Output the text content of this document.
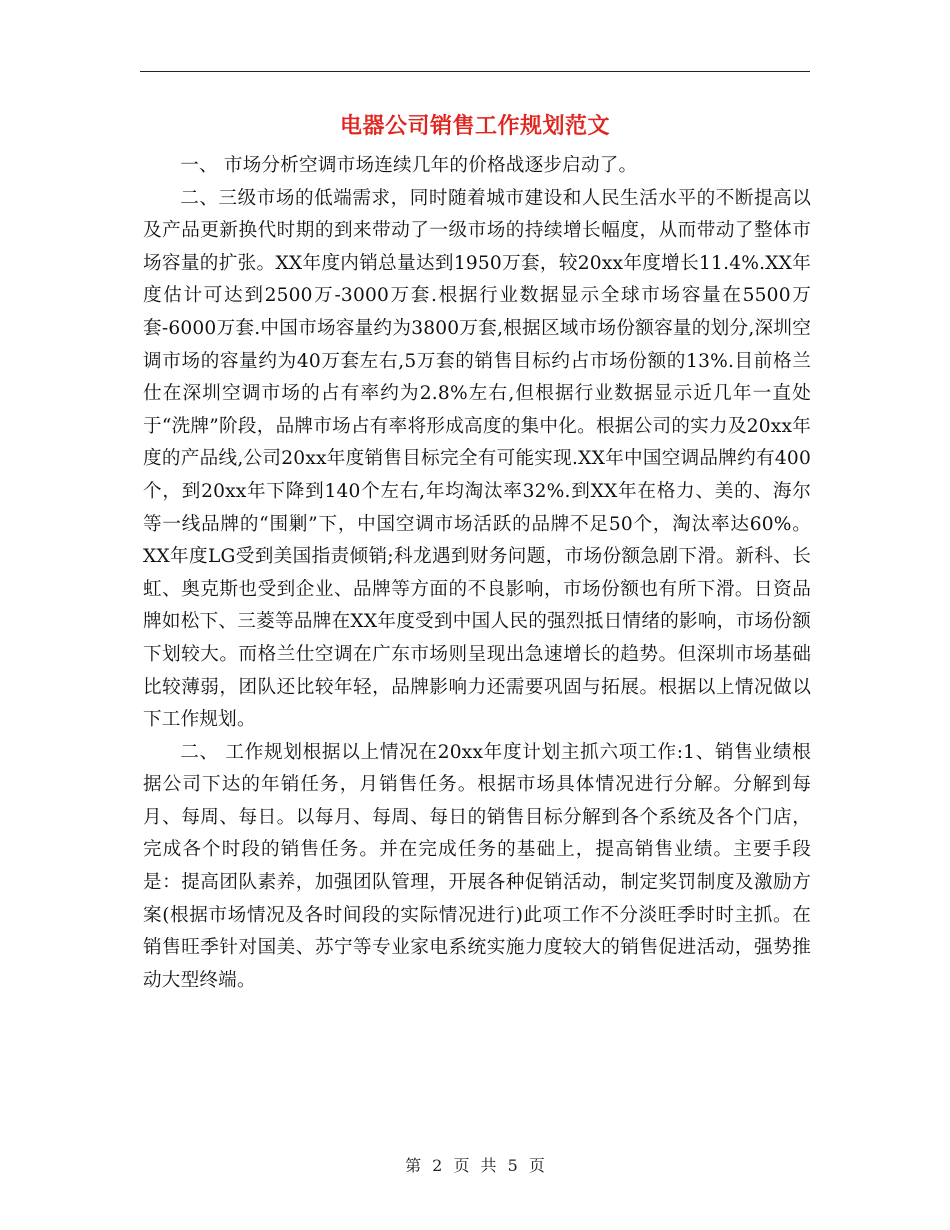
电器公司销售工作规划范文

一、 市场分析空调市场连续几年的价格战逐步启动了。

二、三级市场的低端需求，同时随着城市建设和人民生活水平的不断提高以及产品更新换代时期的到来带动了一级市场的持续增长幅度，从而带动了整体市场容量的扩张。XX年度内销总量达到1950万套，较20xx年度增长11.4%.XX年度估计可达到2500万-3000万套.根据行业数据显示全球市场容量在5500万套-6000万套.中国市场容量约为3800万套,根据区域市场份额容量的划分,深圳空调市场的容量约为40万套左右,5万套的销售目标约占市场份额的13%.目前格兰仕在深圳空调市场的占有率约为2.8%左右,但根据行业数据显示近几年一直处于“洗牌”阶段，品牌市场占有率将形成高度的集中化。根据公司的实力及20xx年度的产品线,公司20xx年度销售目标完全有可能实现.XX年中国空调品牌约有400个，到20xx年下降到140个左右,年均淘汰率32%.到XX年在格力、美的、海尔等一线品牌的“围剿”下，中国空调市场活跃的品牌不足50个，淘汰率达60%。XX年度LG受到美国指责倾销;科龙遇到财务问题，市场份额急剧下滑。新科、长虹、奥克斯也受到企业、品牌等方面的不良影响，市场份额也有所下滑。日资品牌如松下、三菱等品牌在XX年度受到中国人民的强烈抵日情绪的影响，市场份额下划较大。而格兰仕空调在广东市场则呈现出急速增长的趋势。但深圳市场基础比较薄弱，团队还比较年轻，品牌影响力还需要巩固与拓展。根据以上情况做以下工作规划。

二、 工作规划根据以上情况在20xx年度计划主抓六项工作:1、销售业绩根据公司下达的年销任务，月销售任务。根据市场具体情况进行分解。分解到每月、每周、每日。以每月、每周、每日的销售目标分解到各个系统及各个门店，完成各个时段的销售任务。并在完成任务的基础上，提高销售业绩。主要手段是：提高团队素养，加强团队管理，开展各种促销活动，制定奖罚制度及激励方案(根据市场情况及各时间段的实际情况进行)此项工作不分淡旺季时时主抓。在销售旺季针对国美、苏宁等专业家电系统实施力度较大的销售促进活动，强势推动大型终端。

第 2 页 共 5 页
